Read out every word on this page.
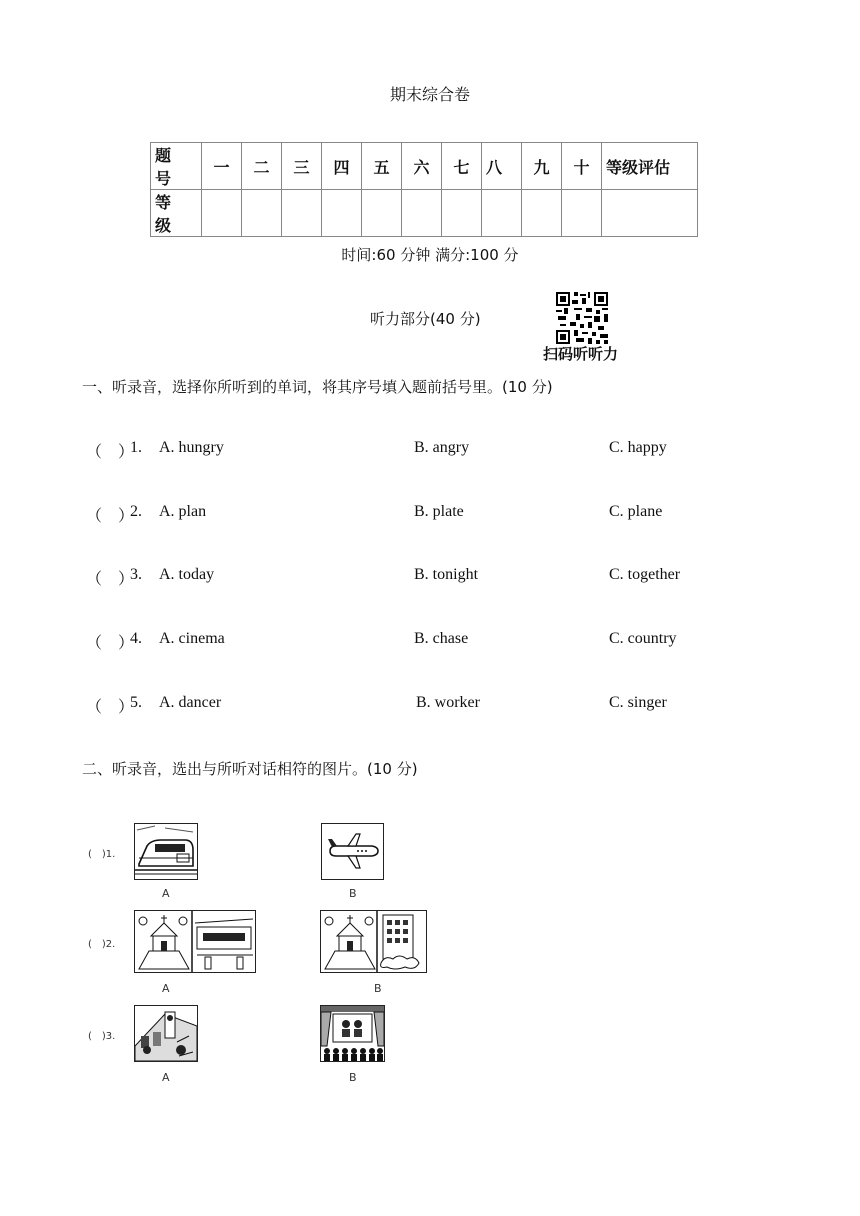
期末综合卷
题 号	一	二	三	四	五	六	七	八	九	十	等级评估
等 级											
时间:60 分钟 满分:100 分
听力部分(40 分)
扫码听听力
一、听录音，选择你所听到的单词，将其序号填入题前括号里。(10 分)
（　）
1. A. hungry	B. angry	C. happy
（　）
2. A. plan	B. plate	C. plane
（　）
3. A. today	B. tonight	C. together
（　）
4. A. cinema	B. chase	C. country
（　）
5. A. dancer	B. worker	C. singer
二、听录音，选出与所听对话相符的图片。(10 分)
(　)1.
A	B
(　)2.
A	B
(　)3.
A	B
